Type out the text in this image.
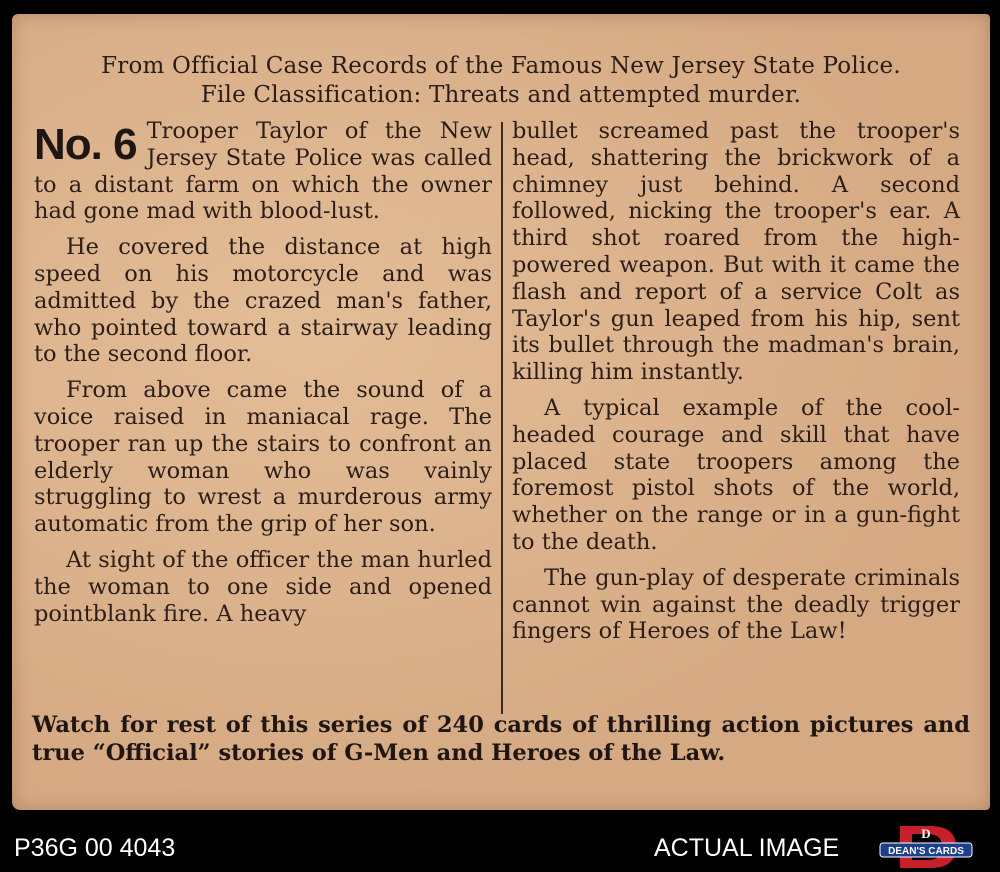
From Official Case Records of the Famous New Jersey State Police.
File Classification: Threats and attempted murder.

No. 6 Trooper Taylor of the New Jersey State Police was called to a distant farm on which the owner had gone mad with blood-lust.

He covered the distance at high speed on his motorcycle and was admitted by the crazed man's father, who pointed toward a stairway leading to the second floor.

From above came the sound of a voice raised in maniacal rage. The trooper ran up the stairs to confront an elderly woman who was vainly struggling to wrest a murderous army automatic from the grip of her son.

At sight of the officer the man hurled the woman to one side and opened pointblank fire. A heavy

bullet screamed past the trooper's head, shattering the brickwork of a chimney just behind. A second followed, nicking the trooper's ear. A third shot roared from the high-powered weapon. But with it came the flash and report of a service Colt as Taylor's gun leaped from his hip, sent its bullet through the madman's brain, killing him instantly.

A typical example of the cool-headed courage and skill that have placed state troopers among the foremost pistol shots of the world, whether on the range or in a gun-fight to the death.

The gun-play of desperate criminals cannot win against the deadly trigger fingers of Heroes of the Law!

Watch for rest of this series of 240 cards of thrilling action pictures and true “Official” stories of G-Men and Heroes of the Law.
P36G 00 4043	ACTUAL IMAGE
D
DEAN'S CARDS
